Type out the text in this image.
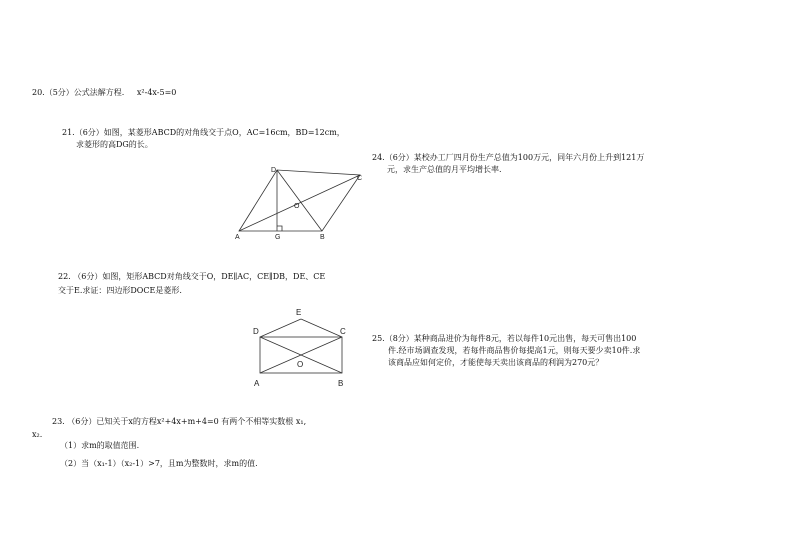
20.（5分）公式法解方程. x²-4x-5=0
21.（6分）如图，某菱形ABCD的对角线交于点O，AC=16cm，BD=12cm，
求菱形的高DG的长。
A	G	B
D
C
O
22. （6分）如图，矩形ABCD对角线交于O，DE∥AC，CE∥DB，DE、CE
交于E.求证：四边形DOCE是菱形.
D	C
E
O
A	B
23. （6分）已知关于x的方程x²+4x+m+4=0 有两个不相等实数根 x₁,
x₂.
（1）求m的取值范围.
（2）当（x₁-1）（x₂-1）>7，且m为整数时，求m的值.
24.（6分）某校办工厂四月份生产总值为100万元，同年六月份上升到121万
元，求生产总值的月平均增长率.
25.（8分）某种商品进价为每件8元，若以每件10元出售，每天可售出100
件.经市场调查发现，若每件商品售价每提高1元，则每天要少卖10件.求
该商品应如何定价，才能使每天卖出该商品的利润为270元？
